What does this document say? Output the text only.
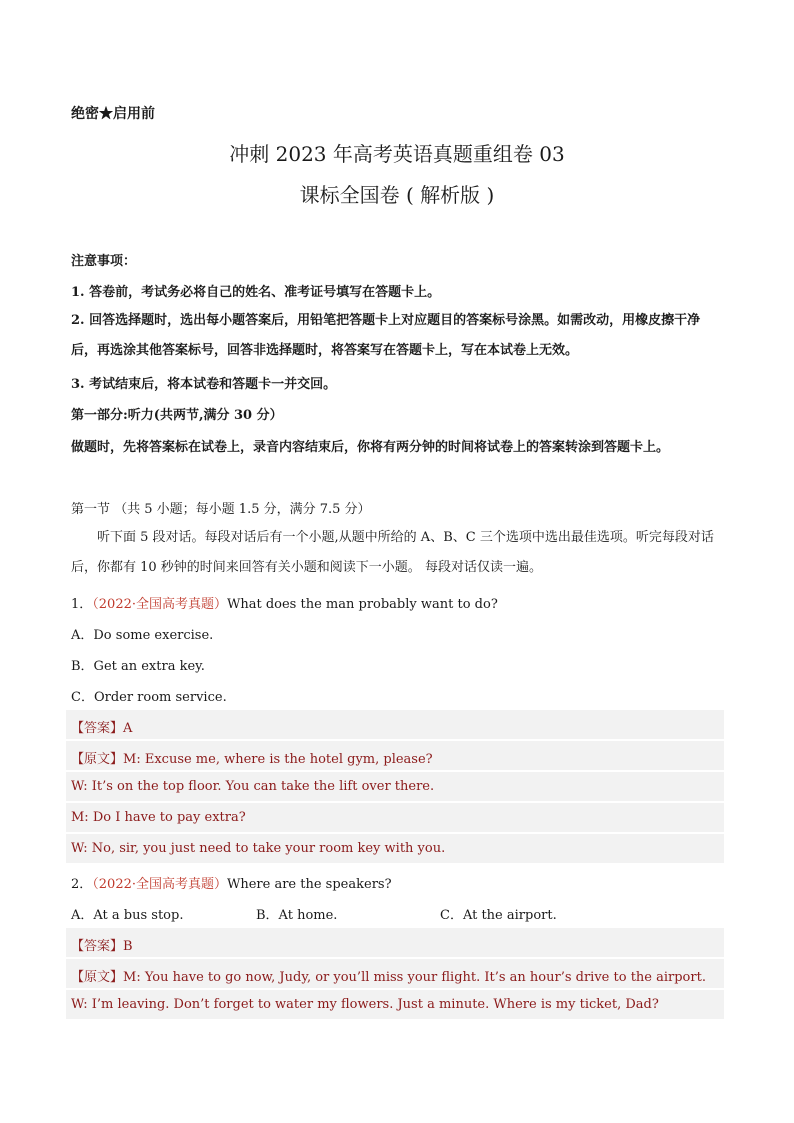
绝密★启用前
冲刺 2023 年高考英语真题重组卷 03
课标全国卷 ( 解析版 )
注意事项：
1. 答卷前，考试务必将自己的姓名、准考证号填写在答题卡上。
2. 回答选择题时，选出每小题答案后，用铅笔把答题卡上对应题目的答案标号涂黑。如需改动，用橡皮擦干净后，再选涂其他答案标号，回答非选择题时，将答案写在答题卡上，写在本试卷上无效。
3. 考试结束后，将本试卷和答题卡一并交回。
第一部分:听力(共两节,满分 30 分）
做题时，先将答案标在试卷上，录音内容结束后，你将有两分钟的时间将试卷上的答案转涂到答题卡上。
第一节 （共 5 小题；每小题 1.5 分，满分 7.5 分）
听下面 5 段对话。每段对话后有一个小题,从题中所给的 A、B、C 三个选项中选出最佳选项。听完每段对话后，你都有 10 秒钟的时间来回答有关小题和阅读下一小题。 每段对话仅读一遍。
1．（2022·全国高考真题）What does the man probably want to do?
A．Do some exercise.
B．Get an extra key.
C．Order room service.
【答案】A
【原文】M: Excuse me, where is the hotel gym, please?
W: It’s on the top floor. You can take the lift over there.
M: Do I have to pay extra?
W: No, sir, you just need to take your room key with you.
2．（2022·全国高考真题）Where are the speakers?
A．At a bus stop.	B．At home.	C．At the airport.
【答案】B
【原文】M: You have to go now, Judy, or you’ll miss your flight. It’s an hour’s drive to the airport.
W: I’m leaving. Don’t forget to water my flowers. Just a minute. Where is my ticket, Dad?
